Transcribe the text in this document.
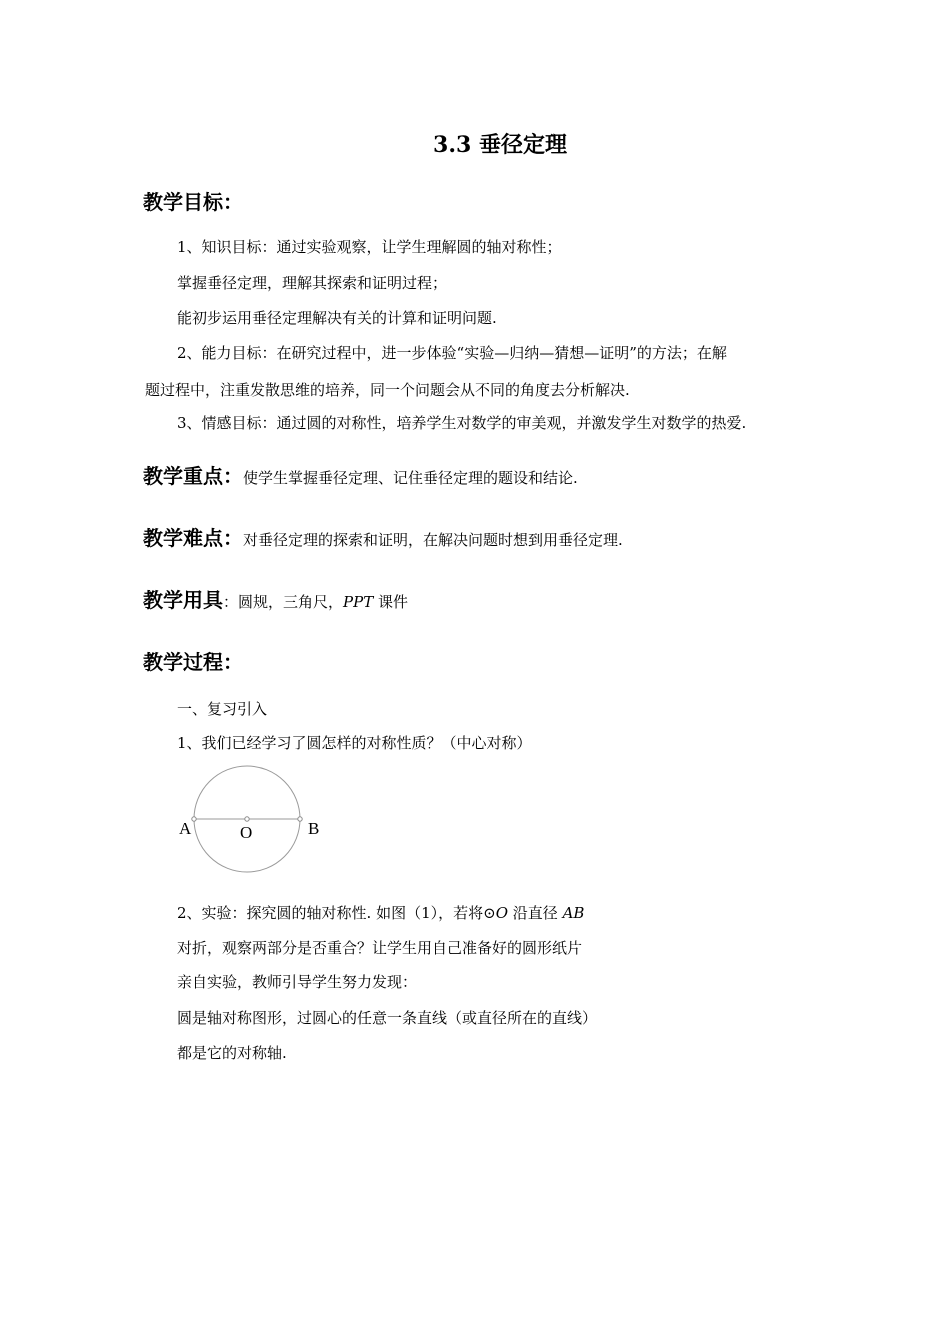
3.3 垂径定理
教学目标：
1、知识目标：通过实验观察，让学生理解圆的轴对称性；
掌握垂径定理，理解其探索和证明过程；
能初步运用垂径定理解决有关的计算和证明问题.
2、能力目标：在研究过程中，进一步体验“实验—归纳—猜想—证明”的方法；在解
题过程中，注重发散思维的培养，同一个问题会从不同的角度去分析解决.
3、情感目标：通过圆的对称性，培养学生对数学的审美观，并激发学生对数学的热爱.
教学重点：使学生掌握垂径定理、记住垂径定理的题设和结论.
教学难点：对垂径定理的探索和证明，在解决问题时想到用垂径定理.
教学用具：圆规，三角尺，PPT 课件
教学过程：
一、复习引入
1、我们已经学习了圆怎样的对称性质？（中心对称）
A	O	B
2、实验：探究圆的轴对称性. 如图（1），若将⊙O 沿直径 AB
对折，观察两部分是否重合？让学生用自己准备好的圆形纸片
亲自实验，教师引导学生努力发现：
圆是轴对称图形，过圆心的任意一条直线（或直径所在的直线）
都是它的对称轴.
